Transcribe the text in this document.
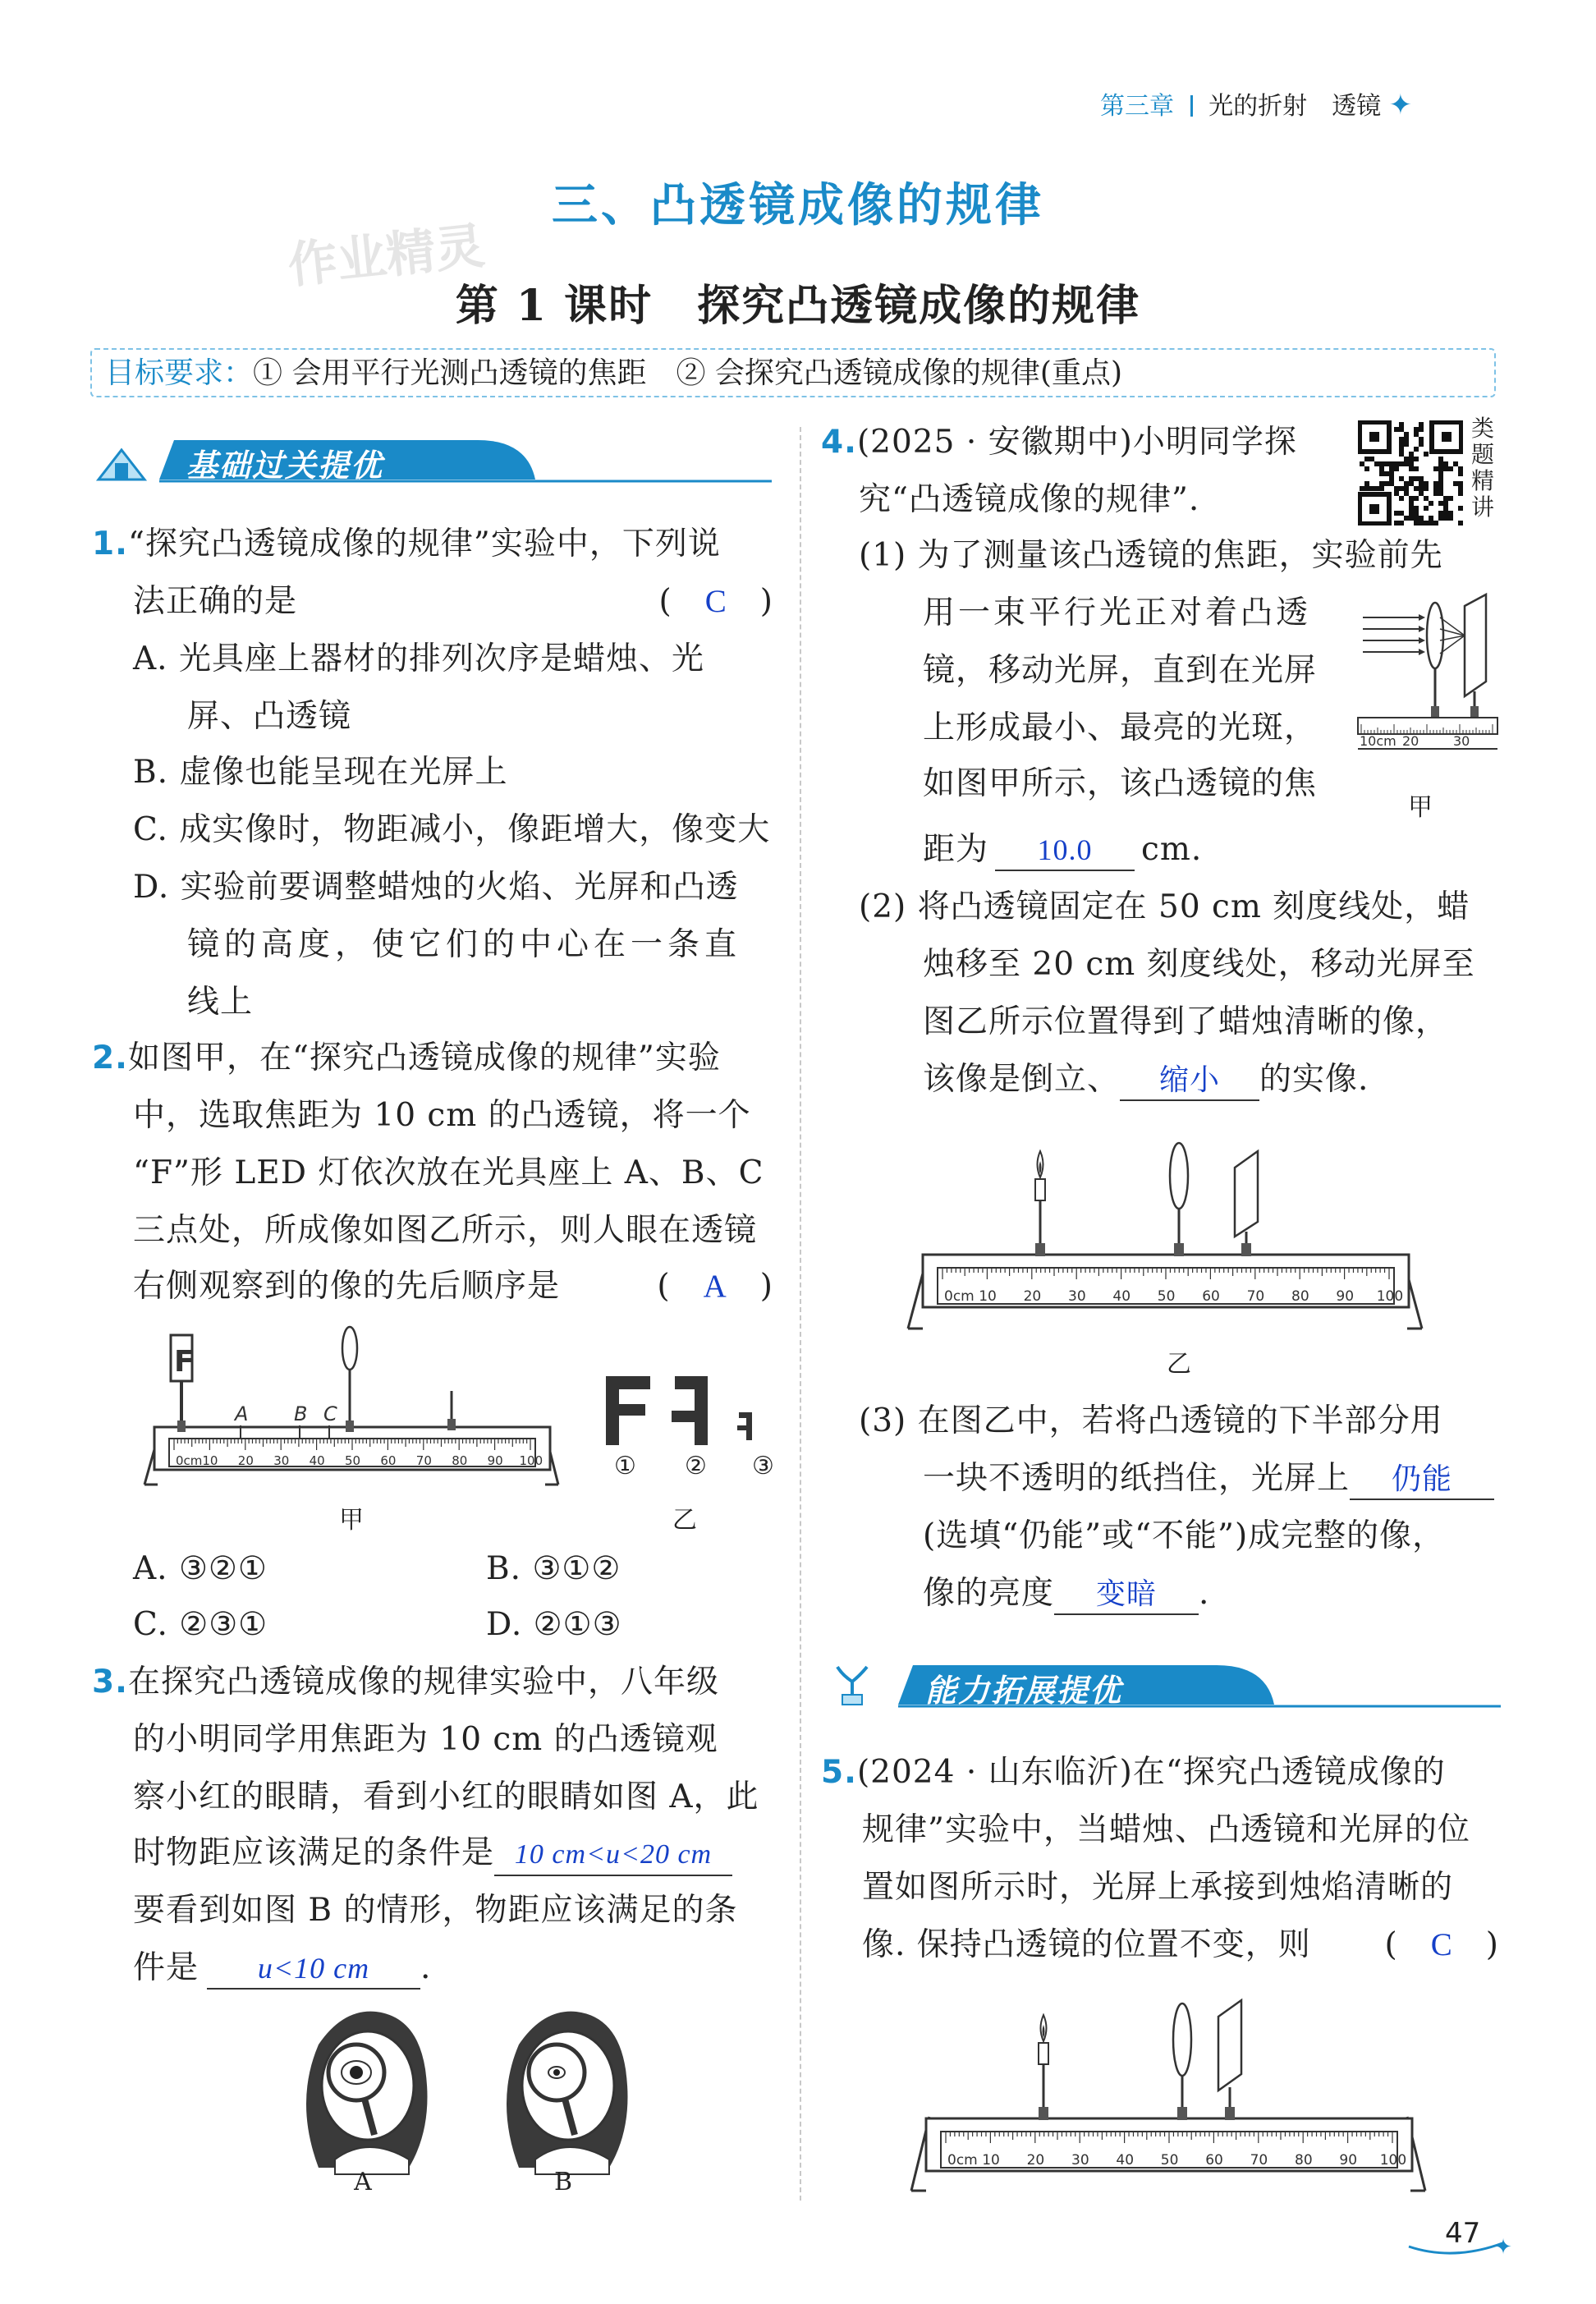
第三章 光的折射　透镜 ✦
三、凸透镜成像的规律
作业精灵
第 1 课时　探究凸透镜成像的规律
目标要求：① 会用平行光测凸透镜的焦距　② 会探究凸透镜成像的规律(重点)
基础过关提优
1.“探究凸透镜成像的规律”实验中，下列说
法正确的是	(　C　)
A. 光具座上器材的排列次序是蜡烛、光
屏、凸透镜
B. 虚像也能呈现在光屏上
C. 成实像时，物距减小，像距增大，像变大
D. 实验前要调整蜡烛的火焰、光屏和凸透
镜的高度，使它们的中心在一条直
线上
2.如图甲，在“探究凸透镜成像的规律”实验
中，选取焦距为 10 cm 的凸透镜，将一个
“F”形 LED 灯依次放在光具座上 A、B、C
三点处，所成像如图乙所示，则人眼在透镜
右侧观察到的像的先后顺序是	(　A　)
F
A B C
0cm 10 20 30 40 50 60 70 80 90 100
甲
① ② ③
乙
A. ③②①	B. ③①②
C. ②③①	D. ②①③
3.在探究凸透镜成像的规律实验中，八年级
的小明同学用焦距为 10 cm 的凸透镜观
察小红的眼睛，看到小红的眼睛如图 A，此
时物距应该满足的条件是 10 cm<u<20 cm
要看到如图 B 的情形，物距应该满足的条
件是 u<10 cm .
A	B
4.(2025 · 安徽期中)小明同学探
究“凸透镜成像的规律”.
类题精讲
(1) 为了测量该凸透镜的焦距，实验前先
用一束平行光正对着凸透
镜，移动光屏，直到在光屏
上形成最小、最亮的光斑，
如图甲所示，该凸透镜的焦
距为 10.0 cm.
10cm 20	30
甲
(2) 将凸透镜固定在 50 cm 刻度线处，蜡
烛移至 20 cm 刻度线处，移动光屏至
图乙所示位置得到了蜡烛清晰的像，
该像是倒立、 缩小 的实像.
0cm 10 20 30 40 50 60 70 80 90 100
乙
(3) 在图乙中，若将凸透镜的下半部分用
一块不透明的纸挡住，光屏上 仍能
(选填“仍能”或“不能”)成完整的像，
像的亮度 变暗 .
能力拓展提优
5.(2024 · 山东临沂)在“探究凸透镜成像的
规律”实验中，当蜡烛、凸透镜和光屏的位
置如图所示时，光屏上承接到烛焰清晰的
像. 保持凸透镜的位置不变，则 (　C　)
0cm 10 20 30 40 50 60 70 80 90 100
47 $_✦$
